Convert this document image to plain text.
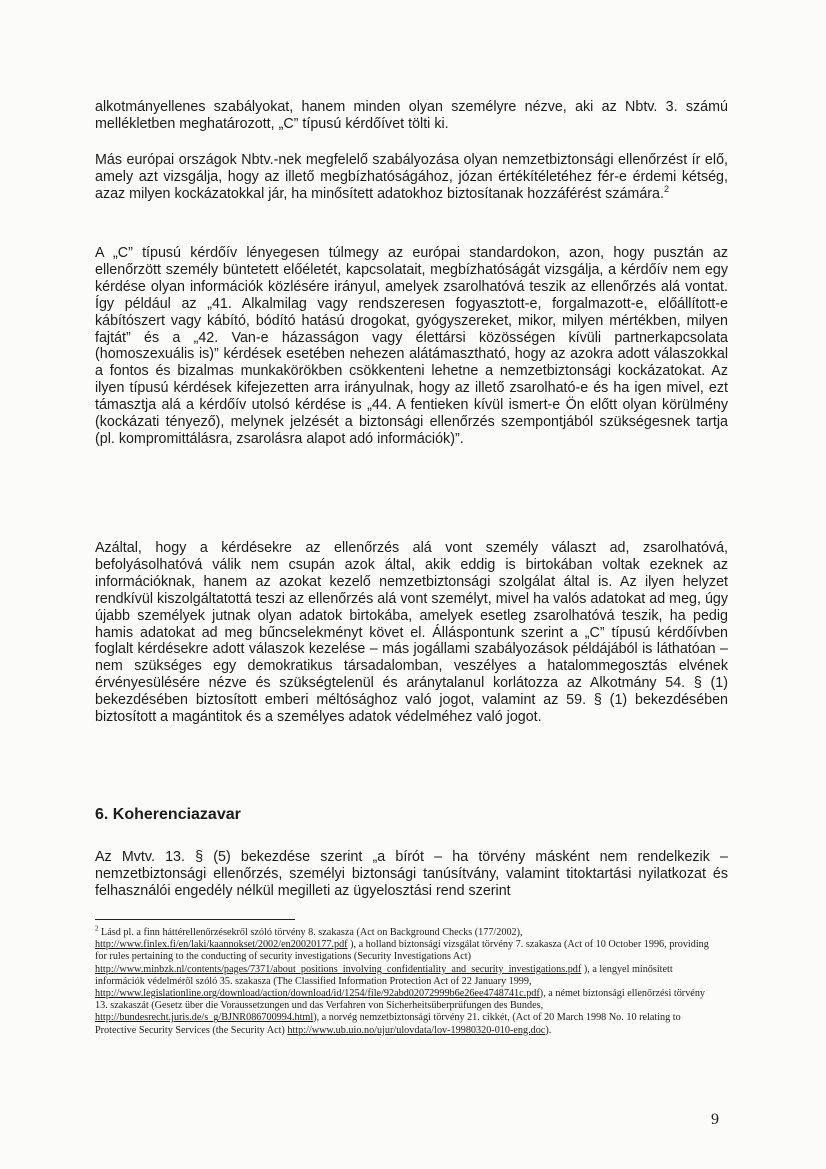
alkotmányellenes szabályokat, hanem minden olyan személyre nézve, aki az Nbtv. 3. számú mellékletben meghatározott, „C” típusú kérdőívet tölti ki.

Más európai országok Nbtv.-nek megfelelő szabályozása olyan nemzetbiztonsági ellenőrzést ír elő, amely azt vizsgálja, hogy az illető megbízhatóságához, józan értékítéletéhez fér-e érdemi kétség, azaz milyen kockázatokkal jár, ha minősített adatokhoz biztosítanak hozzáférést számára.$^2$

A „C” típusú kérdőív lényegesen túlmegy az európai standardokon, azon, hogy pusztán az ellenőrzött személy büntetett előéletét, kapcsolatait, megbízhatóságát vizsgálja, a kérdőív nem egy kérdése olyan információk közlésére irányul, amelyek zsarolhatóvá teszik az ellenőrzés alá vontat. Így például az „41. Alkalmilag vagy rendszeresen fogyasztott-e, forgalmazott-e, előállított-e kábítószert vagy kábító, bódító hatású drogokat, gyógyszereket, mikor, milyen mértékben, milyen fajtát” és a „42. Van-e házasságon vagy élettársi közösségen kívüli partnerkapcsolata (homoszexuális is)” kérdések esetében nehezen alátámasztható, hogy az azokra adott válaszokkal a fontos és bizalmas munkakörökben csökkenteni lehetne a nemzetbiztonsági kockázatokat. Az ilyen típusú kérdések kifejezetten arra irányulnak, hogy az illető zsarolható-e és ha igen mivel, ezt támasztja alá a kérdőív utolsó kérdése is „44. A fentieken kívül ismert-e Ön előtt olyan körülmény (kockázati tényező), melynek jelzését a biztonsági ellenőrzés szempontjából szükségesnek tartja (pl. kompromittálásra, zsarolásra alapot adó információk)”.

Azáltal, hogy a kérdésekre az ellenőrzés alá vont személy választ ad, zsarolhatóvá, befolyásolhatóvá válik nem csupán azok által, akik eddig is birtokában voltak ezeknek az információknak, hanem az azokat kezelő nemzetbiztonsági szolgálat által is. Az ilyen helyzet rendkívül kiszolgáltatottá teszi az ellenőrzés alá vont személyt, mivel ha valós adatokat ad meg, úgy újabb személyek jutnak olyan adatok birtokába, amelyek esetleg zsarolhatóvá teszik, ha pedig hamis adatokat ad meg bűncselekményt követ el. Álláspontunk szerint a „C” típusú kérdőívben foglalt kérdésekre adott válaszok kezelése – más jogállami szabályozások példájából is láthatóan – nem szükséges egy demokratikus társadalomban, veszélyes a hatalommegosztás elvének érvényesülésére nézve és szükségtelenül és aránytalanul korlátozza az Alkotmány 54. § (1) bekezdésében biztosított emberi méltósághoz való jogot, valamint az 59. § (1) bekezdésében biztosított a magántitok és a személyes adatok védelméhez való jogot.

6. Koherenciazavar

Az Mvtv. 13. § (5) bekezdése szerint „a bírót – ha törvény másként nem rendelkezik – nemzetbiztonsági ellenőrzés, személyi biztonsági tanúsítvány, valamint titoktartási nyilatkozat és felhasználói engedély nélkül megilleti az ügyelosztási rend szerint

$^2$ Lásd pl. a finn háttérellenőrzésekről szóló törvény 8. szakasza (Act on Background Checks (177/2002), http://www.finlex.fi/en/laki/kaannokset/2002/en20020177.pdf ), a holland biztonsági vizsgálat törvény 7. szakasza (Act of 10 October 1996, providing for rules pertaining to the conducting of security investigations (Security Investigations Act) http://www.minbzk.nl/contents/pages/7371/about_positions_involving_confidentiality_and_security_investigations.pdf ), a lengyel minősített információk védelméről szóló 35. szakasza (The Classified Information Protection Act of 22 January 1999, http://www.legislationline.org/download/action/download/id/1254/file/92abd02072999b6e26ee4748741c.pdf), a német biztonsági ellenőrzési törvény 13. szakaszát (Gesetz über die Voraussetzungen und das Verfahren von Sicherheitsüberprüfungen des Bundes, http://bundesrecht.juris.de/s_g/BJNR086700994.html), a norvég nemzetbiztonsági törvény 21. cikkét, (Act of 20 March 1998 No. 10 relating to Protective Security Services (the Security Act) http://www.ub.uio.no/ujur/ulovdata/lov-19980320-010-eng.doc).

9
